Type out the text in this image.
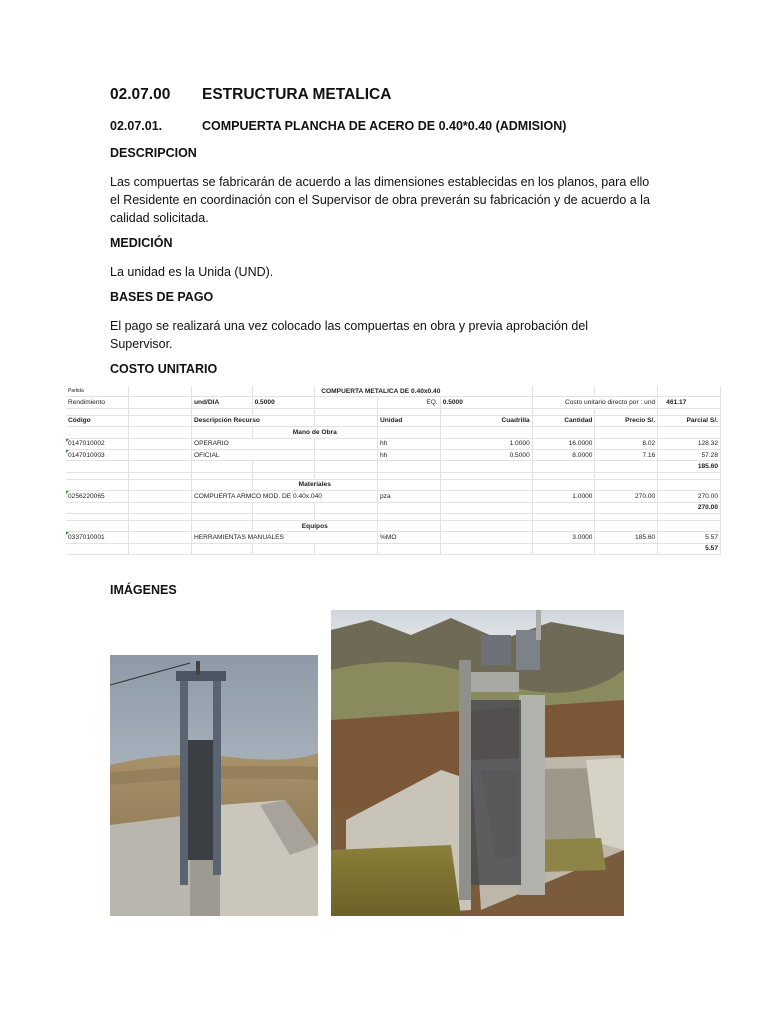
02.07.00 ESTRUCTURA METALICA
02.07.01.	COMPUERTA PLANCHA DE ACERO DE 0.40*0.40 (ADMISION)
DESCRIPCION
Las compuertas se fabricarán de acuerdo a las dimensiones establecidas en los planos, para ello el Residente en coordinación con el Supervisor de obra preverán su fabricación y de acuerdo a la calidad solicitada.
MEDICIÓN
La unidad es la Unida (UND).
BASES DE PAGO
El pago se realizará una vez colocado las compuertas en obra y previa aprobación del Supervisor.
COSTO UNITARIO
Partida				COMPUERTA METALICA DE 0.40x0.40					
Rendimiento		und/DIA	0.5000		EQ.	0.5000	Costo unitario directo por : und		461.17

Código		Descripción Recurso			Unidad	Cuadrilla	Cantidad	Precio S/.	Parcial S/.
			Mano de Obra						
0147010002		OPERARIO			hh	1.0000	16.0000	8.02	128.32
0147010003		OFICIAL			hh	0.5000	8.0000	7.16	57.28
									185.60

			Materiales						
0256220065		COMPUERTA ARMCO MOD. DE 0.40x.040			pza		1.0000	270.00	270.00
									270.00

			Equipos						
0337010001		HERRAMIENTAS MANUALES			%MO		3.0000	185.60	5.57
									5.57
IMÁGENES
